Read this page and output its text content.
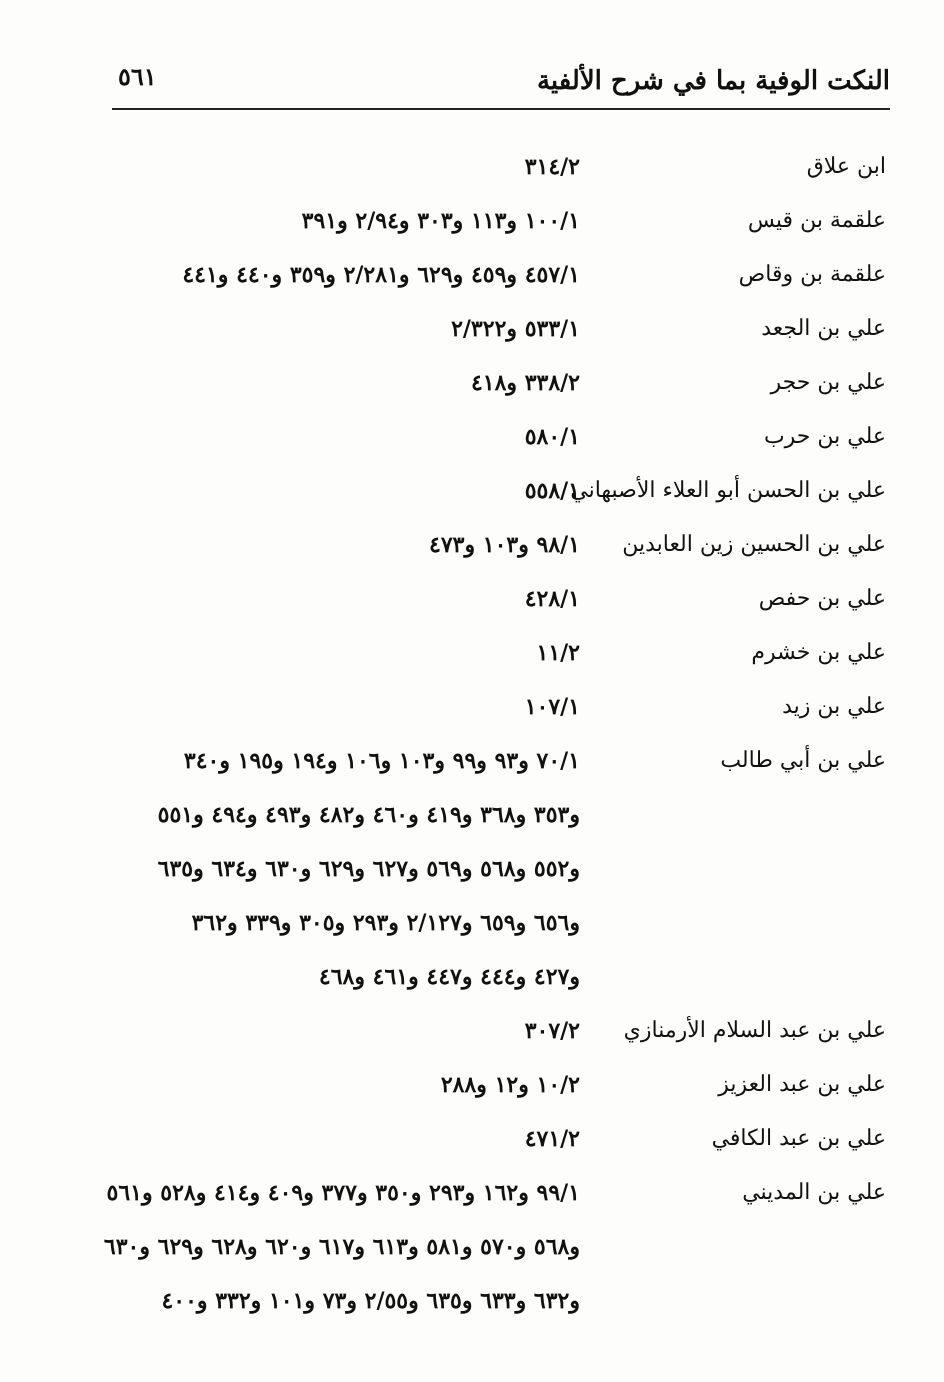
النكت الوفية بما في شرح الألفية
٥٦١
ابن علاق
٣١٤/٢
علقمة بن قيس
١٠٠/١ و١١٣ و٣٠٣ و٢/٩٤ و٣٩١
علقمة بن وقاص
٤٥٧/١ و٤٥٩ و٦٢٩ و٢/٢٨١ و٣٥٩ و٤٤٠ و٤٤١
علي بن الجعد
٥٣٣/١ و٢/٣٢٢
علي بن حجر
٣٣٨/٢ و٤١٨
علي بن حرب
٥٨٠/١
علي بن الحسن أبو العلاء الأصبهاني
٥٥٨/١
علي بن الحسين زين العابدين
٩٨/١ و١٠٣ و٤٧٣
علي بن حفص
٤٢٨/١
علي بن خشرم
١١/٢
علي بن زيد
١٠٧/١
علي بن أبي طالب
٧٠/١ و٩٣ و٩٩ و١٠٣ و١٠٦ و١٩٤ و١٩٥ و٣٤٠
و٣٥٣ و٣٦٨ و٤١٩ و٤٦٠ و٤٨٢ و٤٩٣ و٤٩٤ و٥٥١
و٥٥٢ و٥٦٨ و٥٦٩ و٦٢٧ و٦٢٩ و٦٣٠ و٦٣٤ و٦٣٥
و٦٥٦ و٦٥٩ و٢/١٢٧ و٢٩٣ و٣٠٥ و٣٣٩ و٣٦٢
و٤٢٧ و٤٤٤ و٤٤٧ و٤٦١ و٤٦٨
علي بن عبد السلام الأرمنازي
٣٠٧/٢
علي بن عبد العزيز
١٠/٢ و١٢ و٢٨٨
علي بن عبد الكافي
٤٧١/٢
علي بن المديني
٩٩/١ و١٦٢ و٢٩٣ و٣٥٠ و٣٧٧ و٤٠٩ و٤١٤ و٥٢٨ و٥٦١
و٥٦٨ و٥٧٠ و٥٨١ و٦١٣ و٦١٧ و٦٢٠ و٦٢٨ و٦٢٩ و٦٣٠
و٦٣٢ و٦٣٣ و٦٣٥ و٢/٥٥ و٧٣ و١٠١ و٣٣٢ و٤٠٠
